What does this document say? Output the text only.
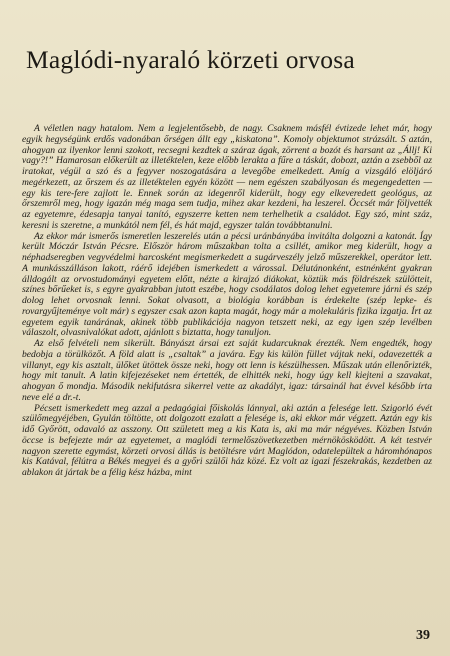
Maglódi-nyaraló körzeti orvosa

A véletlen nagy hatalom. Nem a legjelentősebb, de nagy. Csaknem másfél évtizede lehet már, hogy egyik hegységünk erdős vadonában őrségen állt egy „kiskatona”. Komoly objektumot strázsált. S aztán, ahogyan az ilyenkor lenni szokott, recsegni kezdtek a száraz ágak, zörrent a bozót és harsant az „Állj! Ki vagy?!” Hamarosan előkerült az illetéktelen, keze előbb lerakta a fűre a táskát, dobozt, aztán a zsebből az iratokat, végül a szó és a fegyver noszogatására a levegőbe emelkedett. Amíg a vizsgáló elöljáró megérkezett, az őrszem és az illetéktelen egyén között — nem egészen szabályosan és megengedetten — egy kis tere-fere zajlott le. Ennek során az idegenről kiderült, hogy egy elkeveredett geológus, az őrszemről meg, hogy igazán még maga sem tudja, mihez akar kezdeni, ha leszerel. Öccsét már följvették az egyetemre, édesapja tanyai tanító, egyszerre ketten nem terhelhetik a családot. Egy szó, mint száz, keresni is szeretne, a munkától nem fél, és hát majd, egyszer talán továbbtanulni.

Az ekkor már ismerős ismeretlen leszerelés után a pécsi uránbányába invitálta dolgozni a katonát. Így került Móczár István Pécsre. Először három műszakban tolta a csillét, amikor meg kiderült, hogy a néphadseregben vegyvédelmi harcosként megismerkedett a sugárveszély jelző műszerekkel, operátor lett. A munkásszálláson lakott, ráérő idejében ismerkedett a várossal. Délutánonként, estnénként gyakran álldogált az orvostudományi egyetem előtt, nézte a kirajzó diákokat, köztük más földrészek szülötteit, színes bőrűeket is, s egyre gyakrabban jutott eszébe, hogy csodálatos dolog lehet egyetemre járni és szép dolog lehet orvosnak lenni. Sokat olvasott, a biológia korábban is érdekelte (szép lepke- és rovargyűjteménye volt már) s egyszer csak azon kapta magát, hogy már a molekuláris fizika izgatja. Írt az egyetem egyik tanárának, akinek több publikációja nagyon tetszett neki, az egy igen szép levélben válaszolt, olvasnivalókat adott, ajánlott s biztatta, hogy tanuljon.

Az első felvételi nem sikerült. Bányászt ársai ezt saját kudarcuknak érezték. Nem engedték, hogy bedobja a törülközőt. A föld alatt is „csaltak” a javára. Egy kis külön füllet vájtak neki, odavezették a villanyt, egy kis asztalt, ülőket ütöttek össze neki, hogy ott lenn is készülhessen. Műszak után ellenőrizték, hogy mit tanult. A latin kifejezéseket nem értették, de elhitték neki, hogy úgy kell kiejteni a szavakat, ahogyan ő mondja. Második nekifutásra sikerrel vette az akadályt, igaz: társainál hat évvel később írta neve elé a dr.-t.

Pécsett ismerkedett meg azzal a pedagógiai főiskolás lánnyal, aki aztán a felesége lett. Szigorló évét szülőmegyéjében, Gyulán töltötte, ott dolgozott ezalatt a felesége is, aki ekkor már végzett. Aztán egy kis idő Győrött, odavaló az asszony. Ott született meg a kis Kata is, aki ma már négyéves. Közben István öccse is befejezte már az egyetemet, a maglódi termelőszövetkezetben mérnökösködött. A két testvér nagyon szerette egymást, körzeti orvosi állás is betöltésre várt Maglódon, odatelepültek a háromhónapos kis Katával, félútra a Békés megyei és a győri szülői ház közé. Ez volt az igazi fészekrakás, kezdetben az ablakon át jártak be a félig kész házba, mint

39
